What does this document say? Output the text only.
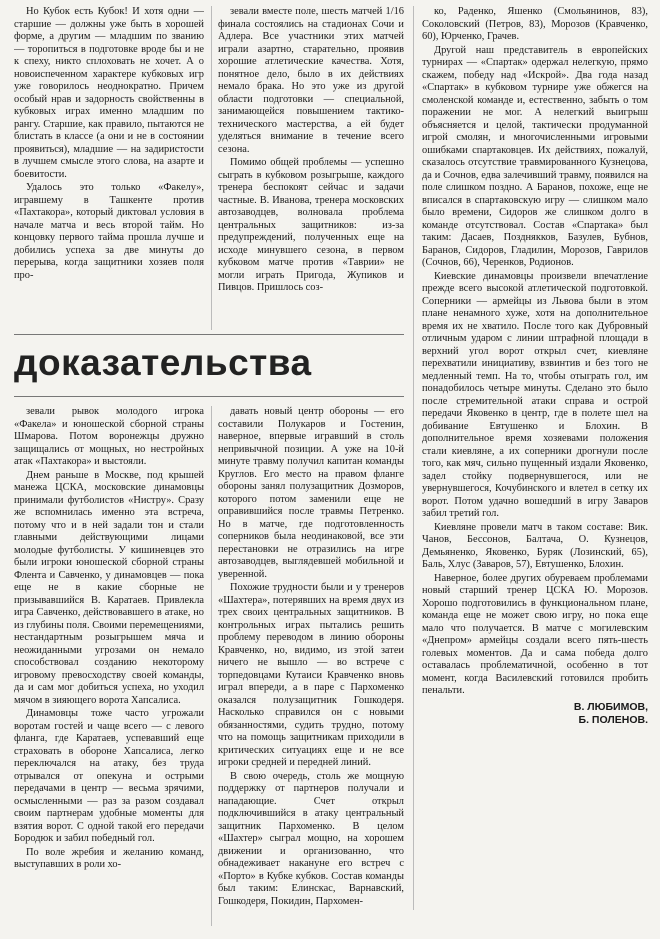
Но Кубок есть Кубок! И хотя одни — старшие — должны уже быть в хорошей форме, а другим — младшим по званию — торопиться в подготовке вроде бы и не к спеху, никто сплоховать не хочет. А о новоиспеченном характере кубковых игр уже говорилось неоднократно. Причем особый нрав и задорность свойственны в кубковых играх именно младшим по рангу. Старшие, как правило, пытаются не блистать в классе (а они и не в состоянии проявиться), младшие — на задиристости в лучшем смысле этого слова, на азарте и боевитости.

Удалось это только «Факелу», игравшему в Ташкенте против «Пахтакора», который диктовал условия в начале матча и весь второй тайм. Но концовку первого тайма прошла лучше и добились успеха за две минуты до перерыва, когда защитники хозяев поля про-

зевали вместе поле, шесть матчей 1/16 финала состоялись на стадионах Сочи и Адлера. Все участники этих матчей играли азартно, старательно, проявив хорошие атлетические качества. Хотя, понятное дело, было в их действиях немало брака. Но это уже из другой области подготовки — специальной, занимающейся повышением тактико-технического мастерства, а ей будет уделяться внимание в течение всего сезона.

Помимо общей проблемы — успешно сыграть в кубковом розыгрыше, каждого тренера беспокоят сейчас и задачи частные. В. Иванова, тренера московских автозаводцев, волновала проблема центральных защитников: из-за предупреждений, полученных еще на исходе минувшего сезона, в первом кубковом матче против «Таврии» не могли играть Пригода, Жупиков и Пивцов. Пришлось соз-

ко, Раденко, Яшенко (Смольянинов, 83), Соколовский (Петров, 83), Морозов (Кравченко, 60), Юрченко, Грачев.

Другой наш представитель в европейских турнирах — «Спартак» одержал нелегкую, прямо скажем, победу над «Искрой». Два года назад «Спартак» в кубковом турнире уже обжегся на смоленской команде и, естественно, забыть о том поражении не мог. А нелегкий выигрыш объясняется и целой, тактически продуманной игрой смолян, и многочисленными игровыми ошибками спартаковцев. Их действиях, пожалуй, сказалось отсутствие травмированного Кузнецова, да и Сочнов, едва залечивший травму, появился на поле слишком поздно. А Баранов, похоже, еще не вписался в спартаковскую игру — слишком мало было времени, Сидоров же слишком долго в команде отсутствовал. Состав «Спартака» был таким: Дасаев, Позднякков, Базулев, Бубнов, Баранов, Сидоров, Гладилин, Морозов, Гаврилов (Сочнов, 66), Черенков, Родионов.

Киевские динамовцы произвели впечатление прежде всего высокой атлетической подготовкой. Соперники — армейцы из Львова были в этом плане ненамного хуже, хотя на дополнительное время их не хватило. После того как Дубровный отличным ударом с линии штрафной площади в верхний угол ворот открыл счет, киевляне перехватили инициативу, взвинтив и без того не медленный темп. На то, чтобы отыграть гол, им понадобилось четыре минуты. Сделано это было после стремительной атаки справа и острой передачи Яковенко в центр, где в полете шел на добивание Евтушенко и Блохин. В дополнительное время хозяевами положения стали киевляне, а их соперники дрогнули после того, как мяч, сильно пущенный издали Яковенко, задел стойку подвернувшегося, или не увернувшегося, Кочубинского и влетел в сетку их ворот. Потом удачно вошедший в игру Заваров забил третий гол.

Киевляне провели матч в таком составе: Вик. Чанов, Бессонов, Балтача, О. Кузнецов, Демьяненко, Яковенко, Буряк (Лозинский, 65), Баль, Хлус (Заваров, 57), Евтушенко, Блохин.

Наверное, более других обуреваем проблемами новый старший тренер ЦСКА Ю. Морозов. Хорошо подготовились в функциональном плане, команда еще не может свою игру, но пока еще мало что получается. В матче с могилевским «Днепром» армейцы создали всего пять-шесть голевых моментов. Да и сама победа долго оставалась проблематичной, особенно в тот момент, когда Василевский готовился пробить пенальти.

В. ЛЮБИМОВ,
Б. ПОЛЕНОВ.
доказательства

зевали рывок молодого игрока «Факела» и юношеской сборной страны Шмарова. Потом воронежцы дружно защищались от мощных, но нестройных атак «Пахтакора» и выстояли.

Днем раньше в Москве, под крышей манежа ЦСКА, московские динамовцы принимали футболистов «Нистру». Сразу же вспомнилась именно эта встреча, потому что и в ней задали тон и стали главными действующими лицами молодые футболисты. У кишиневцев это были игроки юношеской сборной страны Флента и Савченко, у динамовцев — пока еще не в какие сборные не призывавшийся В. Каратаев. Привлекла игра Савченко, действовавшего в атаке, но из глубины поля. Своими перемещениями, нестандартным розыгрышем мяча и неожиданными угрозами он немало способствовал созданию некоторому игровому превосходству своей команды, да и сам мог добиться успеха, но уходил мячом в зияющего ворота Хапсалиса.

Динамовцы тоже часто угрожали воротам гостей и чаще всего — с левого фланга, где Каратаев, успевавший еще страховать в обороне Хапсалиса, легко переключался на атаку, без труда отрывался от опекуна и острыми передачами в центр — весьма зрячими, осмысленными — раз за разом создавал своим партнерам удобные моменты для взятия ворот. С одной такой его передачи Бородюк и забил победный гол.

По воле жребия и желанию команд, выступавших в роли хо-

давать новый центр обороны — его составили Полукаров и Гостенин, наверное, впервые игравший в столь непривычной позиции. А уже на 10-й минуте травму получил капитан команды Круглов. Его место на правом фланге обороны занял полузащитник Дозморов, которого потом заменили еще не оправившийся после травмы Петренко. Но в матче, где подготовленность соперников была неодинаковой, все эти перестановки не отразились на игре автозаводцев, выглядевшей мобильной и уверенной.

Похожие трудности были и у тренеров «Шахтера», потерявших на время двух из трех своих центральных защитников. В контрольных играх пытались решить проблему переводом в линию обороны Кравченко, но, видимо, из этой затеи ничего не вышло — во встрече с торпедовцами Кутаиси Кравченко вновь играл впереди, а в паре с Пархоменко оказался полузащитник Гошкодеря. Насколько справился он с новыми обязанностями, судить трудно, потому что на помощь защитникам приходили в критических ситуациях еще и не все игроки средней и передней линий.

В свою очередь, столь же мощную поддержку от партнеров получали и нападающие. Счет открыл подключившийся в атаку центральный защитник Пархоменко. В целом «Шахтер» сыграл мощно, на хорошем движении и организованно, что обнадеживает накануне его встреч с «Порто» в Кубке кубков. Состав команды был таким: Елинскас, Варнавский, Гошкодеря, Покидин, Пархомен-
